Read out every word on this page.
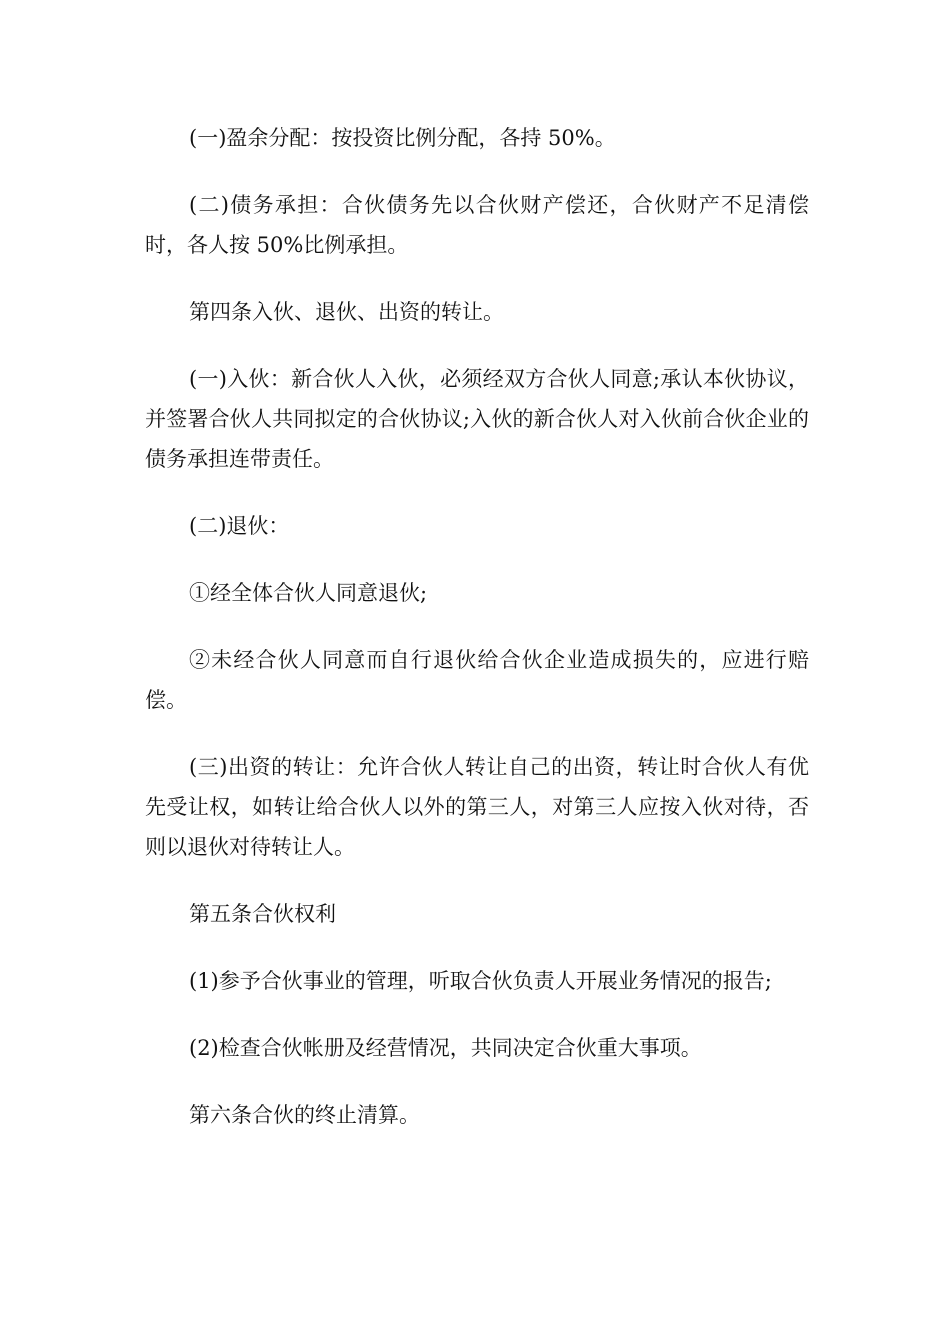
(一)盈余分配：按投资比例分配，各持 50%。

(二)债务承担：合伙债务先以合伙财产偿还，合伙财产不足清偿时，各人按 50%比例承担。

第四条入伙、退伙、出资的转让。

(一)入伙：新合伙人入伙，必须经双方合伙人同意;承认本伙协议，并签署合伙人共同拟定的合伙协议;入伙的新合伙人对入伙前合伙企业的债务承担连带责任。

(二)退伙：

①经全体合伙人同意退伙;

②未经合伙人同意而自行退伙给合伙企业造成损失的，应进行赔偿。

(三)出资的转让：允许合伙人转让自己的出资，转让时合伙人有优先受让权，如转让给合伙人以外的第三人，对第三人应按入伙对待，否则以退伙对待转让人。

第五条合伙权利

(1)参予合伙事业的管理，听取合伙负责人开展业务情况的报告;

(2)检查合伙帐册及经营情况，共同决定合伙重大事项。

第六条合伙的终止清算。
